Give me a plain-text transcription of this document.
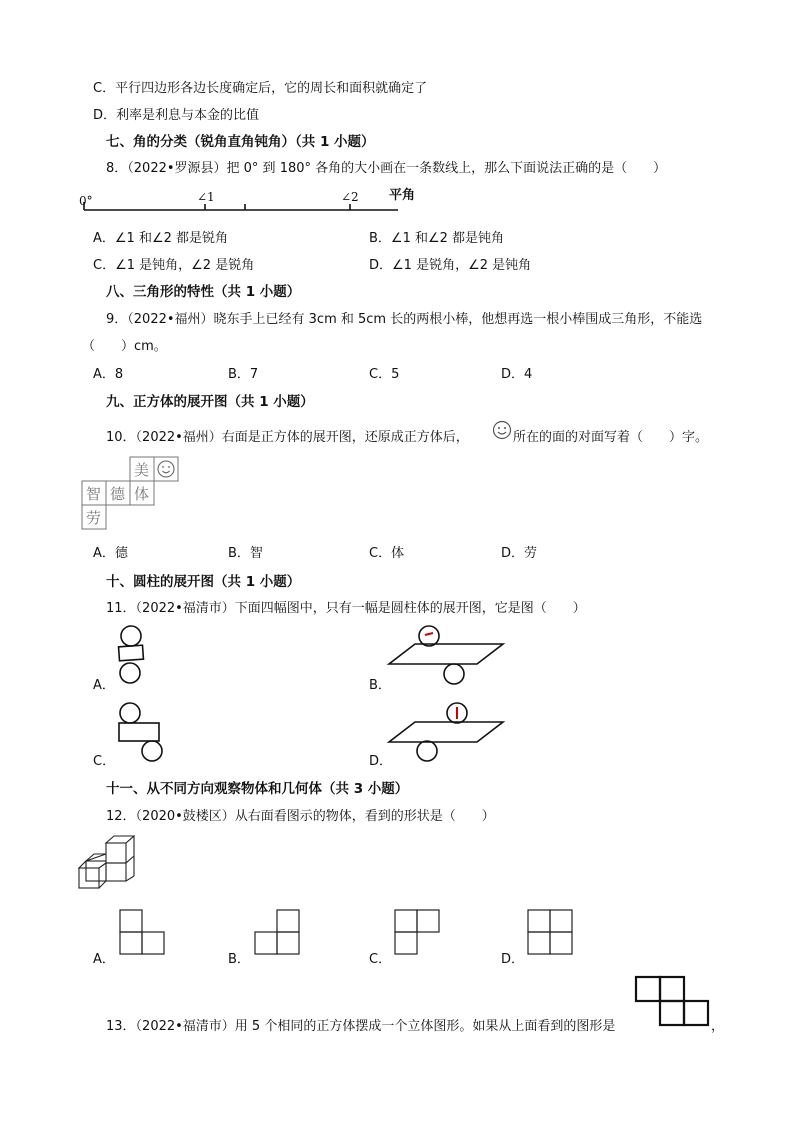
C．平行四边形各边长度确定后，它的周长和面积就确定了
D．利率是利息与本金的比值
七、角的分类（锐角直角钝角）（共 1 小题）
8．（2022•罗源县）把 0° 到 180° 各角的大小画在一条数线上，那么下面说法正确的是（　　）
0°	∠1	∠2 平角
A．∠1 和∠2 都是锐角	B．∠1 和∠2 都是钝角
C．∠1 是钝角，∠2 是锐角	D．∠1 是锐角，∠2 是钝角
八、三角形的特性（共 1 小题）
9．（2022•福州）晓东手上已经有 3cm 和 5cm 长的两根小棒，他想再选一根小棒围成三角形，不能选
（　　）cm。
A．8	B．7	C．5	D．4
九、正方体的展开图（共 1 小题）
10．（2022•福州）右面是正方体的展开图，还原成正方体后，	所在的面的对面写着（　　）字。
美
智 德 体
劳
A．德	B．智	C．体	D．劳
十、圆柱的展开图（共 1 小题）
11．（2022•福清市）下面四幅图中，只有一幅是圆柱体的展开图，它是图（　　）
A．	B．
C．	D．
十一、从不同方向观察物体和几何体（共 3 小题）
12．（2020•鼓楼区）从右面看图示的物体，看到的形状是（　　）
A．	B．	C．	D．
13．（2022•福清市）用 5 个相同的正方体摆成一个立体图形。如果从上面看到的图形是	，
